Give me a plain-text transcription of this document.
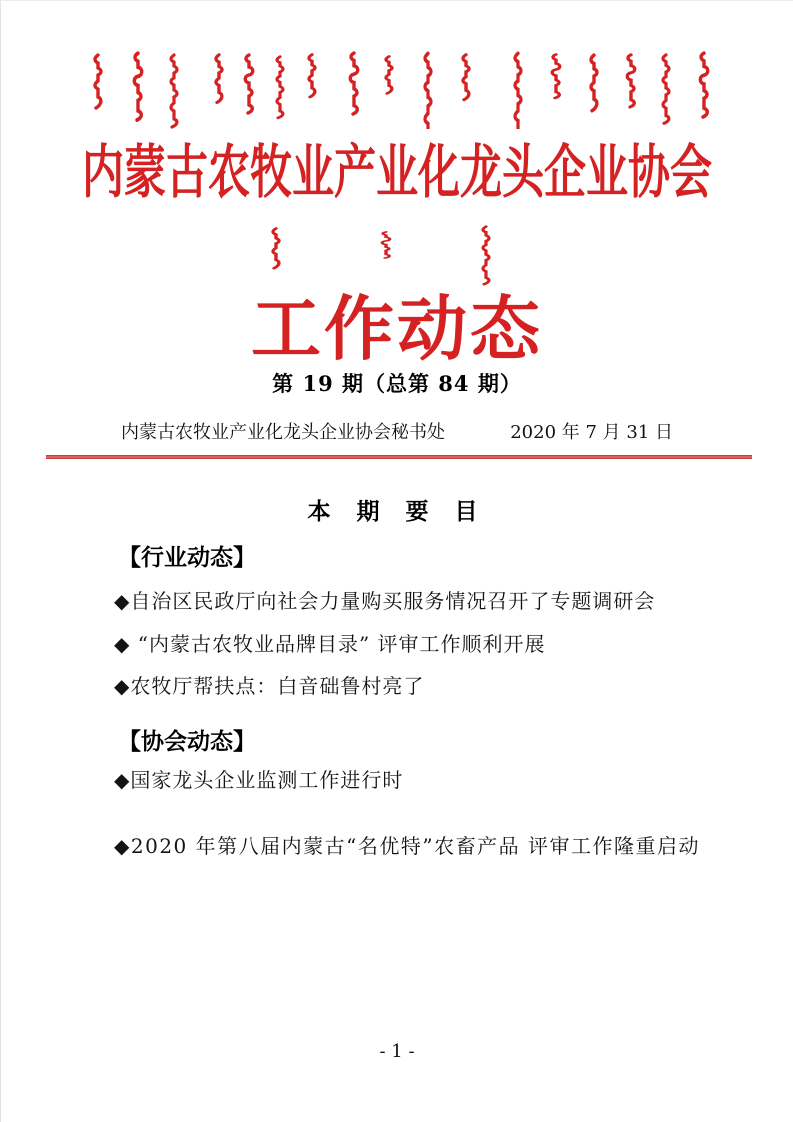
内蒙古农牧业产业化龙头企业协会
工作动态
第 19 期（总第 84 期）
内蒙古农牧业产业化龙头企业协会秘书处	2020 年 7 月 31 日
本 期 要 目
【行业动态】
◆自治区民政厅向社会力量购买服务情况召开了专题调研会
◆ “内蒙古农牧业品牌目录” 评审工作顺利开展
◆农牧厅帮扶点：白音础鲁村亮了
【协会动态】
◆国家龙头企业监测工作进行时
◆2020 年第八届内蒙古“名优特”农畜产品 评审工作隆重启动
- 1 -
